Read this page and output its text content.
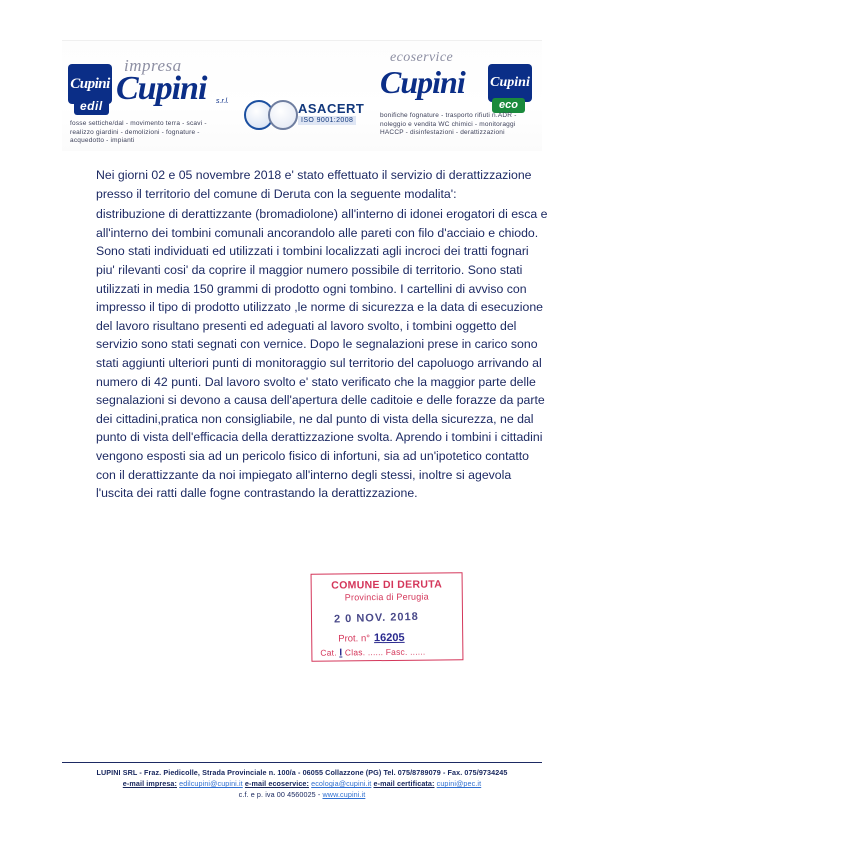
Cupini
edil
impresa
Cupini s.r.l.
fosse settiche/dal - movimento terra - scavi - realizzo giardini - demolizioni - fognature - acquedotto - impianti
ASACERT
ISO 9001:2008
ecoservice
Cupini Cupini
eco
bonifiche fognature - trasporto rifiuti n.ADR - noleggio e vendita WC chimici - monitoraggi HACCP - disinfestazioni - derattizzazioni

Nei giorni 02 e 05 novembre 2018 e' stato effettuato il servizio di derattizzazione presso il territorio del comune di Deruta con la seguente modalita':

distribuzione di derattizzante (bromadiolone) all'interno di idonei erogatori di esca e all'interno dei tombini comunali ancorandolo alle pareti con filo d'acciaio e chiodo. Sono stati individuati ed utilizzati i tombini localizzati agli incroci dei tratti fognari piu' rilevanti cosi' da coprire il maggior numero possibile di territorio. Sono stati utilizzati in media 150 grammi di prodotto ogni tombino. I cartellini di avviso con impresso il tipo di prodotto utilizzato ,le norme di sicurezza e la data di esecuzione del lavoro risultano presenti ed adeguati al lavoro svolto, i tombini oggetto del servizio sono stati segnati con vernice. Dopo le segnalazioni prese in carico sono stati aggiunti ulteriori punti di monitoraggio sul territorio del capoluogo arrivando al numero di 42 punti. Dal lavoro svolto e' stato verificato che la maggior parte delle segnalazioni si devono a causa dell'apertura delle caditoie e delle forazze da parte dei cittadini,pratica non consigliabile, ne dal punto di vista della sicurezza, ne dal punto di vista dell'efficacia della derattizzazione svolta. Aprendo i tombini i cittadini vengono esposti sia ad un pericolo fisico di infortuni, sia ad un'ipotetico contatto con il derattizzante da noi impiegato all'interno degli stessi, inoltre si agevola l'uscita dei ratti dalle fogne contrastando la derattizzazione.

COMUNE DI DERUTA
Provincia di Perugia
2 0 NOV. 2018
Prot. n° 16205
Cat. I Clas. ...... Fasc. ......
LUPINI SRL - Fraz. Piedicolle, Strada Provinciale n. 100/a - 06055 Collazzone (PG) Tel. 075/8789079 - Fax. 075/9734245
e-mail impresa: edilcupini@cupini.it e-mail ecoservice: ecologia@cupini.it e-mail certificata: cupini@pec.it
c.f. e p. iva 00 4560025 - www.cupini.it
